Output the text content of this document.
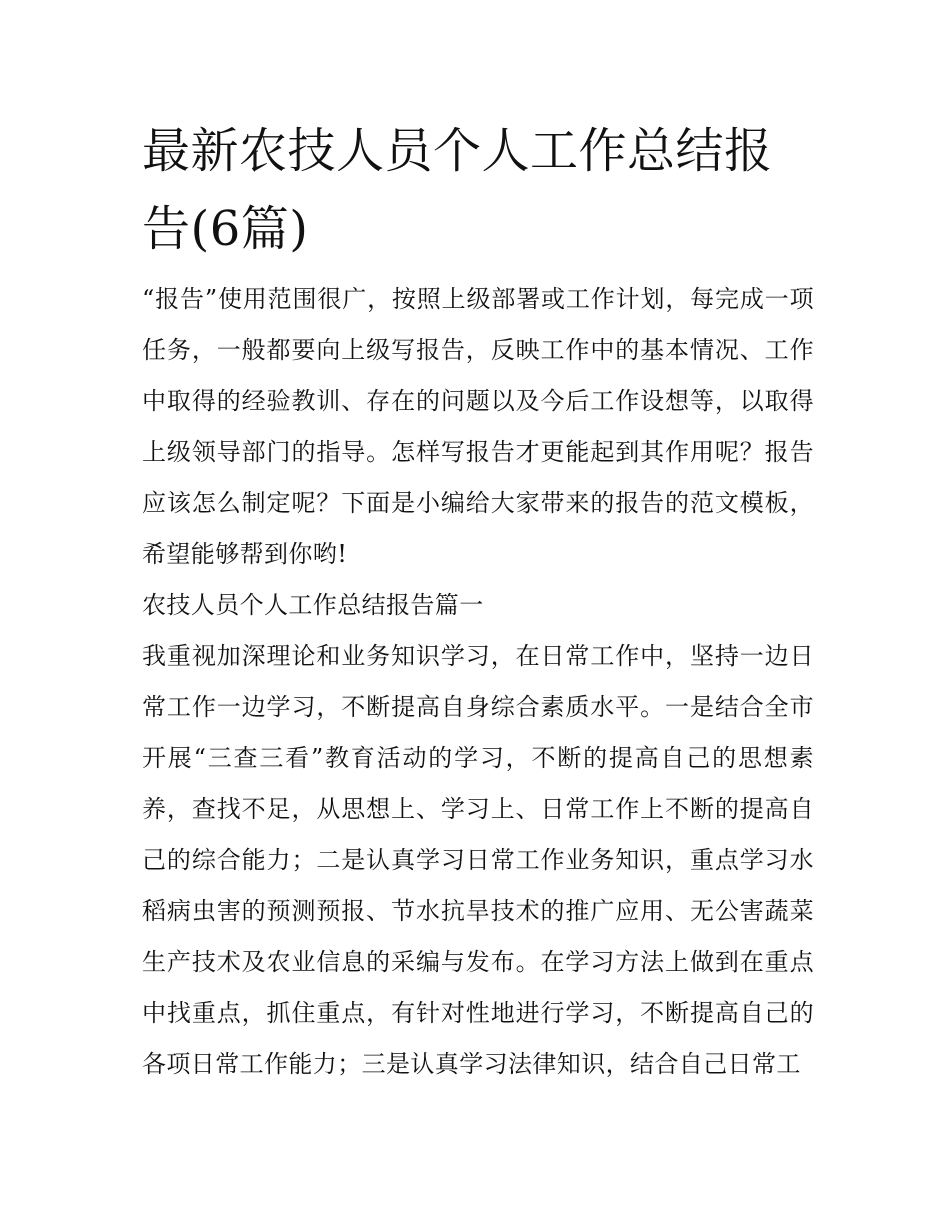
最新农技人员个人工作总结报告(6篇)

“报告”使用范围很广，按照上级部署或工作计划，每完成一项任务，一般都要向上级写报告，反映工作中的基本情况、工作中取得的经验教训、存在的问题以及今后工作设想等，以取得上级领导部门的指导。怎样写报告才更能起到其作用呢？报告应该怎么制定呢？下面是小编给大家带来的报告的范文模板，希望能够帮到你哟!

农技人员个人工作总结报告篇一

我重视加深理论和业务知识学习，在日常工作中，坚持一边日常工作一边学习，不断提高自身综合素质水平。一是结合全市开展“三查三看”教育活动的学习，不断的提高自己的思想素养，查找不足，从思想上、学习上、日常工作上不断的提高自己的综合能力；二是认真学习日常工作业务知识，重点学习水稻病虫害的预测预报、节水抗旱技术的推广应用、无公害蔬菜生产技术及农业信息的采编与发布。在学习方法上做到在重点中找重点，抓住重点，有针对性地进行学习，不断提高自己的各项日常工作能力；三是认真学习法律知识，结合自己日常工
